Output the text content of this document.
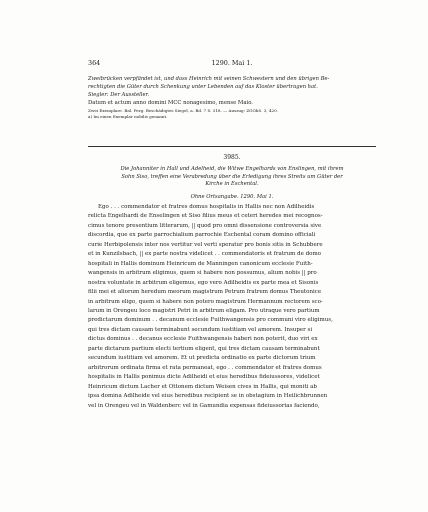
364	1290. Mai 1.
Zweibrücken verpfändet ist, und dass Heinrich mit seinen Schwestern und den übrigen Be-
rechtigten die Güter durch Schenkung unter Lebenden auf das Kloster übertragen hat.
Siegler: Der Aussteller.
Datum et actum anno domini MCC nonagesimo, mense Maio.
Zwei Exemplare. Bal. Perg. Beschädigtes Siegel, a. Bd. 7 S. 318. — Auszug: ZGOhS. 3, 420.
a) Im einen Exemplar nobilis genannt.
3985.
Die Johanniter in Hall und Adelheid, die Witwe Engelhards von Enslingen, mit ihrem
Sohn Siso, treffen eine Verabredung über die Erledigung ihres Streits um Güter der
Kirche in Eschental.
Ohne Ortsangabe. 1290. Mai 1.
Ego . . . commendator et fratres domus hospitalis in Hallis nec non Adilheidis
relicta Engelhardi de Enselingen et Siso filius meus et ceteri heredes mei recognos-
cimus tenore presentium litterarum, || quod pro omni dissensione controversia sive
discordia, que ex parte parrochialium parrochie Eschental coram domino officiali
curie Herbipolensis inter nos vertitur vel verti speratur pro bonis sitis in Schubbere
et in Kunzilsbach, || ex parte nostra videlicet . . commendatoris et fratrum de domo
hospitali in Hallis dominum Heinricum de Manningen canonicum ecclesie Fuith-
wangensis in arbitrum eligimus, quem si habere non possumus, alium nobis || pro
nostra voluntate in arbitrum eligemus, ego vero Adilheidis ex parte mea et Sisonis
filii mei et aliorum heredum meorum magistrum Petrum fratrem domus Theutonice
in arbitrum eligo, quem si habere non potero magistrum Hermannum rectorem sco-
larum in Orengeu loco magistri Petri in arbitrum eligam. Pro utraque vero partium
predictarum dominum . . decanum ecclesie Fuithwangensis pro communi viro eligimus,
qui tres dictam causam terminabunt secundum iustitiam vel amorem. Insuper si
dictus dominus . . decanus ecclesie Fuithwangensis haberi non poterit, duo viri ex
parte dictarum partium electi tertium eligent, qui tres dictam causam terminabunt
secundum iustitiam vel amorem. Et ut predicta ordinatio ex parte dictorum trium
arbitrorum ordinata firma et rata permaneat, ego . . commendator et fratres domus
hospitalis in Hallis ponimus dicte Adilheidi et eius heredibus fideiussores, videlicet
Heinricum dictum Lacher et Ottonem dictum Weisen cives in Hallis, qui moniti ab
ipsa domina Adilheide vel eius heredibus recipient se in obstagium in Heilichbrunnen
vel in Orengeu vel in Waldenberc vel in Gamundia expensas fideiussorias faciendo,
